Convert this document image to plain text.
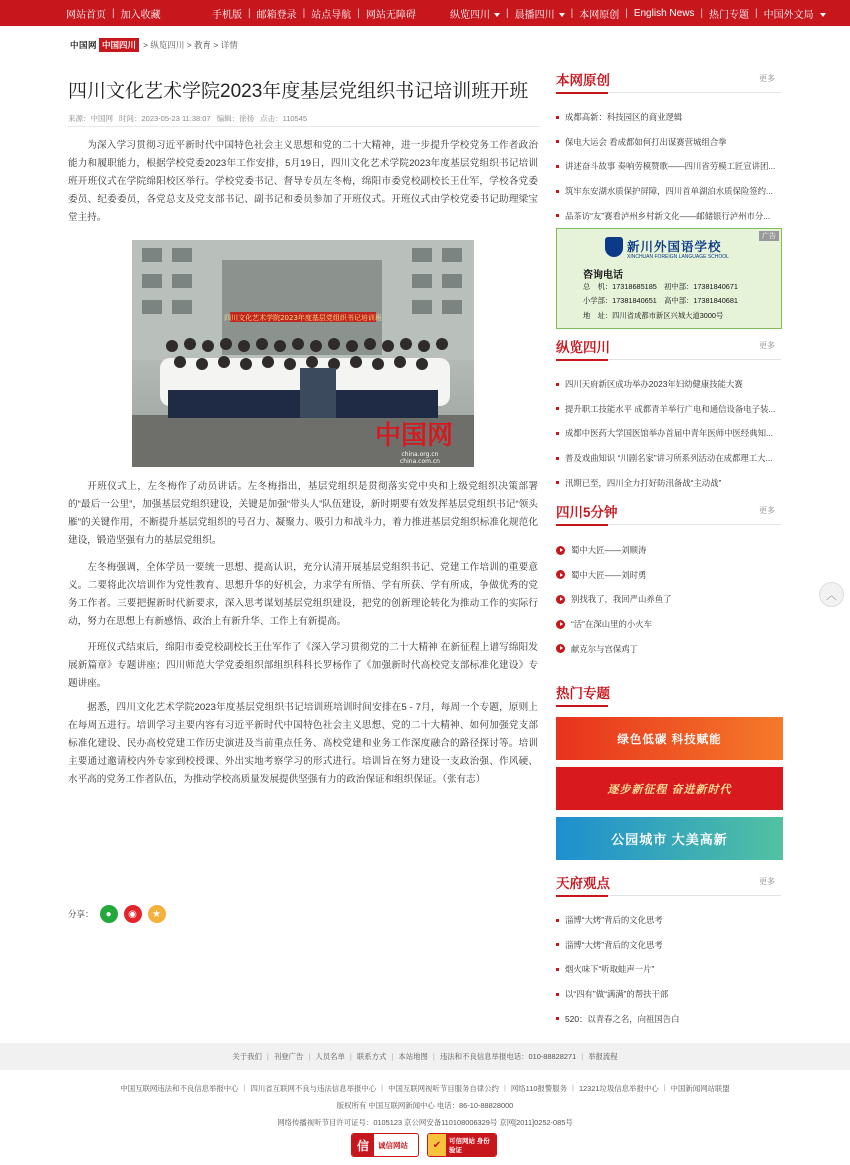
网站首页 | 加入收藏	手机版 | 邮箱登录 | 站点导航 | 网站无障碍	纵览四川	| 晨播四川	| 本网原创 | English News | 热门专题 | 中国外文局
中国网 中国四川 > 纵览四川 > 教育 > 详情
四川文化艺术学院2023年度基层党组织书记培训班开班
来源：中国网 时间：2023-05-23 11:38:07 编辑：徐扬 点击：110545

为深入学习贯彻习近平新时代中国特色社会主义思想和党的二十大精神，进一步提升学校党务工作者政治能力和履职能力，根据学校党委2023年工作安排，5月19日，四川文化艺术学院2023年度基层党组织书记培训班开班仪式在学院绵阳校区举行。学校党委书记、督导专员左冬梅，绵阳市委党校副校长王仕军，学校各党委委员、纪委委员，各党总支及党支部书记、副书记和委员参加了开班仪式。开班仪式由学校党委书记助理梁宝堂主持。

四川文化艺术学院2023年度基层党组织书记培训班
中国网
china.org.cn
china.com.cn

开班仪式上，左冬梅作了动员讲话。左冬梅指出，基层党组织是贯彻落实党中央和上级党组织决策部署的“最后一公里”，加强基层党组织建设，关键是加强“带头人”队伍建设，新时期要有效发挥基层党组织书记“领头雁”的关键作用，不断提升基层党组织的号召力、凝聚力、吸引力和战斗力，着力推进基层党组织标准化规范化建设，锻造坚强有力的基层党组织。

左冬梅强调，全体学员一要统一思想、提高认识，充分认清开展基层党组织书记、党建工作培训的重要意义。二要将此次培训作为党性教育、思想升华的好机会，力求学有所悟、学有所获、学有所成，争做优秀的党务工作者。三要把握新时代新要求，深入思考谋划基层党组织建设，把党的创新理论转化为推动工作的实际行动，努力在思想上有新感悟、政治上有新升华、工作上有新提高。

开班仪式结束后，绵阳市委党校副校长王仕军作了《深入学习贯彻党的二十大精神 在新征程上谱写绵阳发展新篇章》专题讲座；四川师范大学党委组织部组织科科长罗杨作了《加强新时代高校党支部标准化建设》专题讲座。

据悉，四川文化艺术学院2023年度基层党组织书记培训班培训时间安排在5 - 7月，每周一个专题，原则上在每周五进行。培训学习主要内容有习近平新时代中国特色社会主义思想、党的二十大精神、如何加强党支部标准化建设、民办高校党建工作历史演进及当前重点任务、高校党建和业务工作深度融合的路径探讨等。培训主要通过邀请校内外专家到校授课、外出实地考察学习的形式进行。培训旨在努力建设一支政治强、作风硬、水平高的党务工作者队伍，为推动学校高质量发展提供坚强有力的政治保证和组织保证。（张有志）

分享：	●	◉	★
本网原创	更多
成都高新：科技园区的商业逻辑
保电大运会 看成都如何打出谋赛营城组合拳
讲述奋斗故事 奏响劳模赞歌——四川省劳模工匠宣讲团...
筑牢东安湖水质保护屏障，四川首单湖泊水质保险签约...
品茶访“友”赛看泸州乡村新文化——邮储银行泸州市分...
广告
新川外国语学校
XINCHUAN FOREIGN LANGUAGE SCHOOL
咨询电话
总　机：17318685185　初中部：17381840671
小学部：17381840651　高中部：17381840681
地　址：四川省成都市新区兴城大道3000号
纵览四川	更多
四川天府新区成功举办2023年妇幼健康技能大赛
提升职工技能水平 成都青羊举行广电和通信设备电子装...
成都中医药大学国医馆举办首届中青年医师中医经典知...
普及戏曲知识 “川剧名家”讲习所系列活动在成都理工大...
汛期已至，四川全力打好防汛备战“主动战”
四川5分钟	更多
蜀中大匠——刘顺涛
蜀中大匠——刘时勇
别找我了，我回严山养鱼了
“活”在深山里的小火车
献克尔与宫保鸡丁
热门专题
绿色低碳 科技赋能
逐步新征程 奋进新时代
公园城市 大美高新
天府观点	更多
淄博“大烤”背后的文化思考
淄博“大烤”背后的文化思考
烟火味下“听取蛙声一片”
以“四有”做“满满”的帮扶干部
520：以青春之名，向祖国告白
︿
关于我们 | 刊登广告 | 人员名单 | 联系方式 | 本站地图 | 违法和不良信息举报电话：010-88828271 | 举报流程
中国互联网违法和不良信息举报中心 | 四川省互联网不良与违法信息举报中心 | 中国互联网视听节目服务自律公约 | 网络110报警服务 | 12321垃圾信息举报中心 | 中国新闻网站联盟
版权所有 中国互联网新闻中心 电话：86-10-88828000
网络传播视听节目许可证号：0105123 京公网安备110108006329号 京网[2011]0252-085号
信	诚信网站	✔	可信网站 身份验证
